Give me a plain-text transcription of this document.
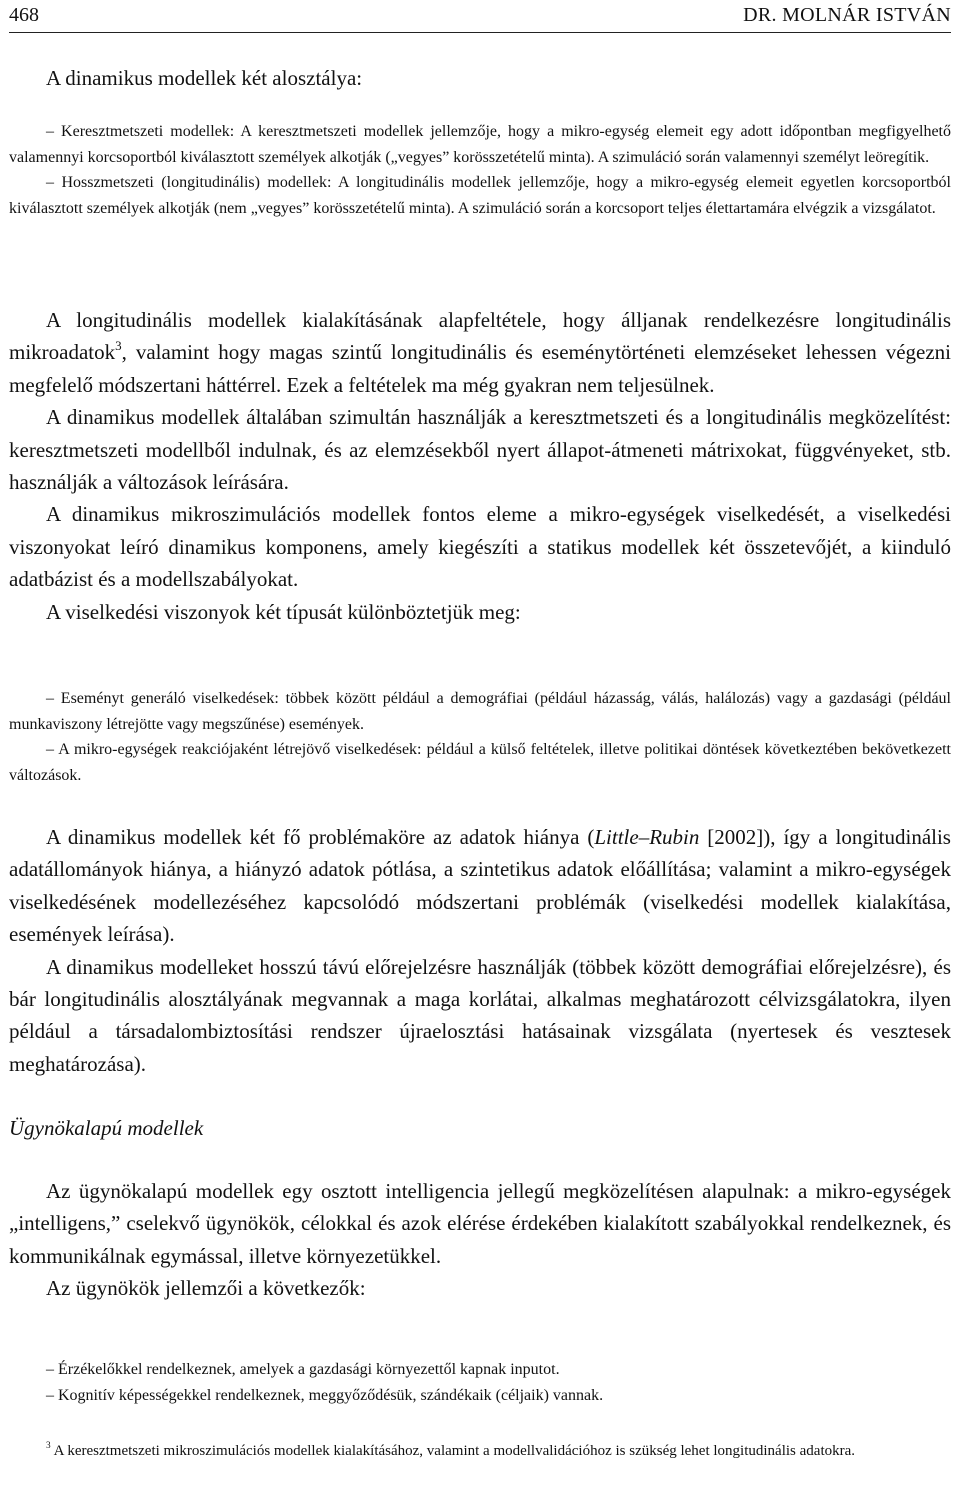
468	DR. MOLNÁR ISTVÁN
A dinamikus modellek két alosztálya:

– Keresztmetszeti modellek: A keresztmetszeti modellek jellemzője, hogy a mikro-egység elemeit egy adott időpontban megfigyelhető valamennyi korcsoportból kiválasztott személyek alkotják („vegyes” korösszetételű minta). A szimuláció során valamennyi személyt leöregítik.

– Hosszmetszeti (longitudinális) modellek: A longitudinális modellek jellemzője, hogy a mikro-egység elemeit egyetlen korcsoportból kiválasztott személyek alkotják (nem „vegyes” korösszetételű minta). A szimuláció során a korcsoport teljes élettartamára elvégzik a vizsgálatot.

A longitudinális modellek kialakításának alapfeltétele, hogy álljanak rendelkezésre longitudinális mikroadatok$^3$, valamint hogy magas szintű longitudinális és eseménytörténeti elemzéseket lehessen végezni megfelelő módszertani háttérrel. Ezek a feltételek ma még gyakran nem teljesülnek.

A dinamikus modellek általában szimultán használják a keresztmetszeti és a longitudinális megközelítést: keresztmetszeti modellből indulnak, és az elemzésekből nyert állapot-átmeneti mátrixokat, függvényeket, stb. használják a változások leírására.

A dinamikus mikroszimulációs modellek fontos eleme a mikro-egységek viselkedését, a viselkedési viszonyokat leíró dinamikus komponens, amely kiegészíti a statikus modellek két összetevőjét, a kiinduló adatbázist és a modellszabályokat.

A viselkedési viszonyok két típusát különböztetjük meg:

– Eseményt generáló viselkedések: többek között például a demográfiai (például házasság, válás, halálozás) vagy a gazdasági (például munkaviszony létrejötte vagy megszűnése) események.

– A mikro-egységek reakciójaként létrejövő viselkedések: például a külső feltételek, illetve politikai döntések következtében bekövetkezett változások.

A dinamikus modellek két fő problémaköre az adatok hiánya (Little–Rubin [2002]), így a longitudinális adatállományok hiánya, a hiányzó adatok pótlása, a szintetikus adatok előállítása; valamint a mikro-egységek viselkedésének modellezéséhez kapcsolódó módszertani problémák (viselkedési modellek kialakítása, események leírása).

A dinamikus modelleket hosszú távú előrejelzésre használják (többek között demográfiai előrejelzésre), és bár longitudinális alosztályának megvannak a maga korlátai, alkalmas meghatározott célvizsgálatokra, ilyen például a társadalombiztosítási rendszer újraelosztási hatásainak vizsgálata (nyertesek és vesztesek meghatározása).

Ügynökalapú modellek

Az ügynökalapú modellek egy osztott intelligencia jellegű megközelítésen alapulnak: a mikro-egységek „intelligens,” cselekvő ügynökök, célokkal és azok elérése érdekében kialakított szabályokkal rendelkeznek, és kommunikálnak egymással, illetve környezetükkel.

Az ügynökök jellemzői a következők:

– Érzékelőkkel rendelkeznek, amelyek a gazdasági környezettől kapnak inputot.

– Kognitív képességekkel rendelkeznek, meggyőződésük, szándékaik (céljaik) vannak.

$^3$ A keresztmetszeti mikroszimulációs modellek kialakításához, valamint a modellvalidációhoz is szükség lehet longitudinális adatokra.
